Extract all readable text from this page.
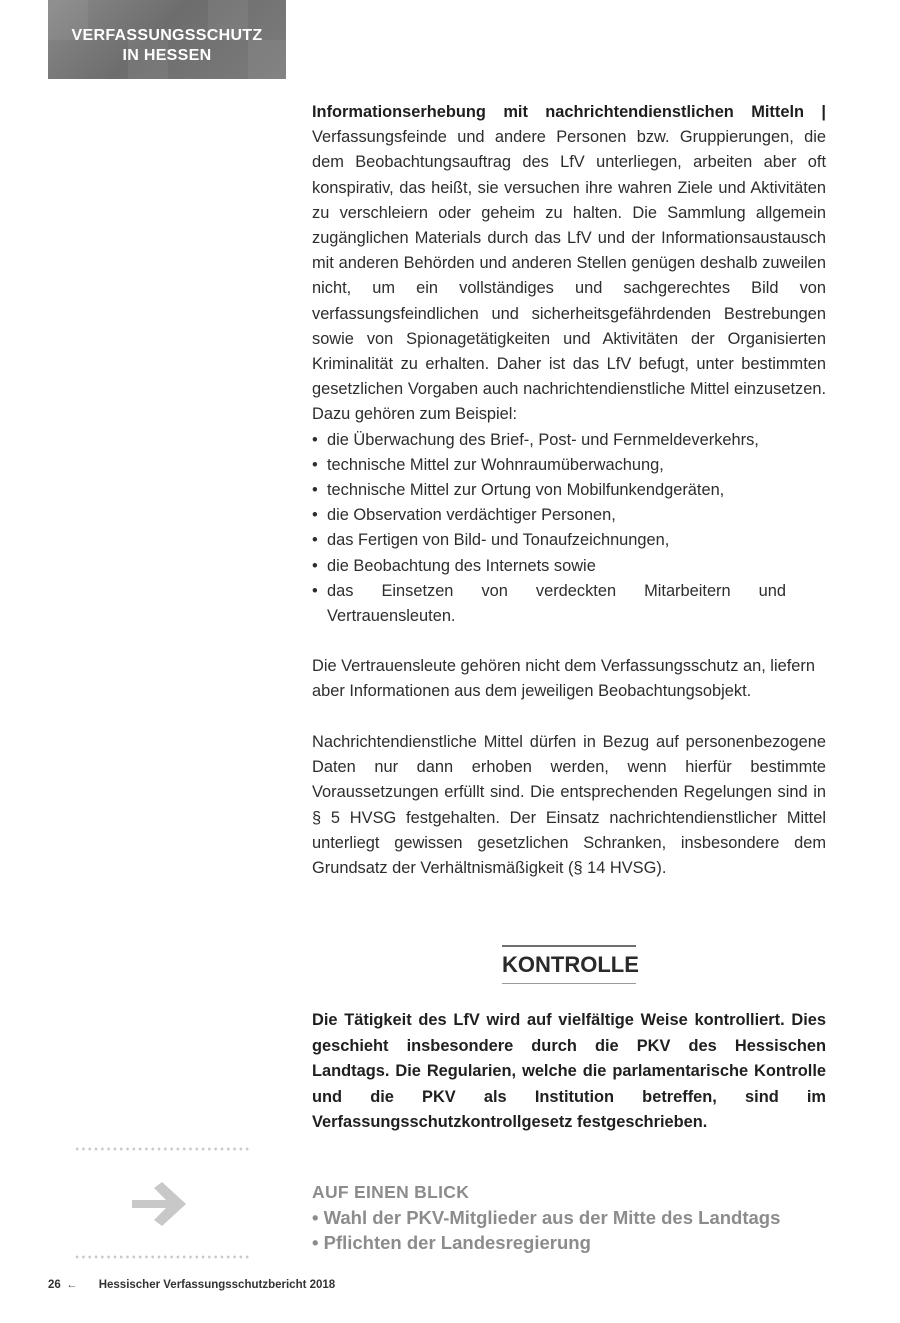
VERFASSUNGSSCHUTZ
IN HESSEN

Informationserhebung mit nachrichtendienstlichen Mitteln | Verfassungsfeinde und andere Personen bzw. Gruppierungen, die dem Beobachtungsauftrag des LfV unterliegen, arbeiten aber oft konspirativ, das heißt, sie versuchen ihre wahren Ziele und Aktivitäten zu verschleiern oder geheim zu halten. Die Sammlung allgemein zugänglichen Materials durch das LfV und der Informationsaustausch mit anderen Behörden und anderen Stellen genügen deshalb zuweilen nicht, um ein vollständiges und sachgerechtes Bild von verfassungsfeindlichen und sicherheitsgefährdenden Bestrebungen sowie von Spionagetätigkeiten und Aktivitäten der Organisierten Kriminalität zu erhalten. Daher ist das LfV befugt, unter bestimmten gesetzlichen Vorgaben auch nachrichtendienstliche Mittel einzusetzen. Dazu gehören zum Beispiel:

• die Überwachung des Brief-, Post- und Fernmeldeverkehrs,
• technische Mittel zur Wohnraumüberwachung,
• technische Mittel zur Ortung von Mobilfunkendgeräten,
• die Observation verdächtiger Personen,
• das Fertigen von Bild- und Tonaufzeichnungen,
• die Beobachtung des Internets sowie
• das Einsetzen von verdeckten Mitarbeitern und Vertrauensleuten.

Die Vertrauensleute gehören nicht dem Verfassungsschutz an, liefern aber Informationen aus dem jeweiligen Beobachtungsobjekt.

Nachrichtendienstliche Mittel dürfen in Bezug auf personenbezogene Daten nur dann erhoben werden, wenn hierfür bestimmte Voraussetzungen erfüllt sind. Die entsprechenden Regelungen sind in § 5 HVSG festgehalten. Der Einsatz nachrichtendienstlicher Mittel unterliegt gewissen gesetzlichen Schranken, insbesondere dem Grundsatz der Verhältnismäßigkeit (§ 14 HVSG).

KONTROLLE

Die Tätigkeit des LfV wird auf vielfältige Weise kontrolliert. Dies geschieht insbesondere durch die PKV des Hessischen Landtags. Die Regularien, welche die parlamentarische Kontrolle und die PKV als Institution betreffen, sind im Verfassungsschutzkontrollgesetz festgeschrieben.

AUF EINEN BLICK
• Wahl der PKV-Mitglieder aus der Mitte des Landtags
• Pflichten der Landesregierung
26 ← Hessischer Verfassungsschutzbericht 2018
